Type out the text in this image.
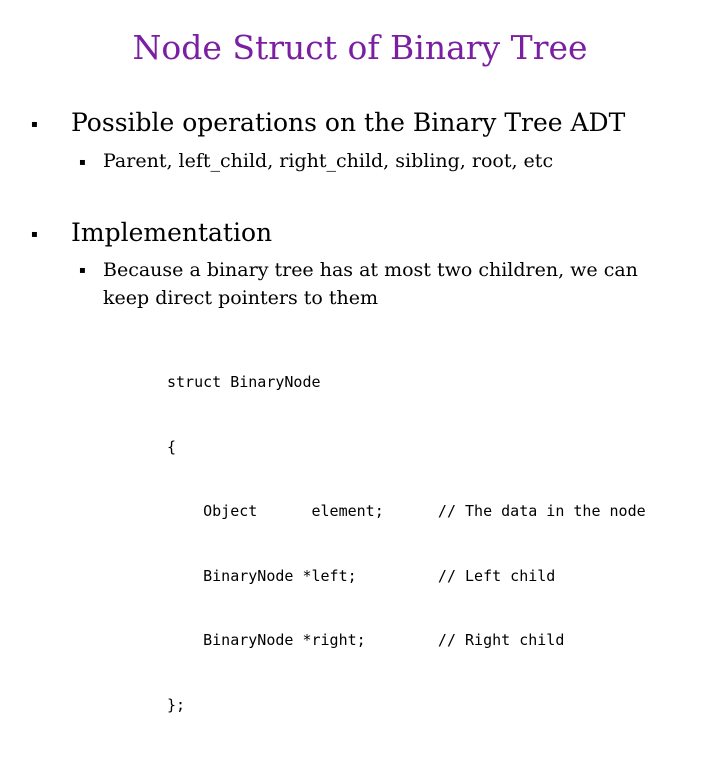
Node Struct of Binary Tree
▪ Possible operations on the Binary Tree ADT
▪ Parent, left_child, right_child, sibling, root, etc
▪ Implementation
▪ Because a binary tree has at most two children, we can
keep direct pointers to them

struct BinaryNode

{

Object      element;      // The data in the node

BinaryNode *left;         // Left child

BinaryNode *right;        // Right child

};
